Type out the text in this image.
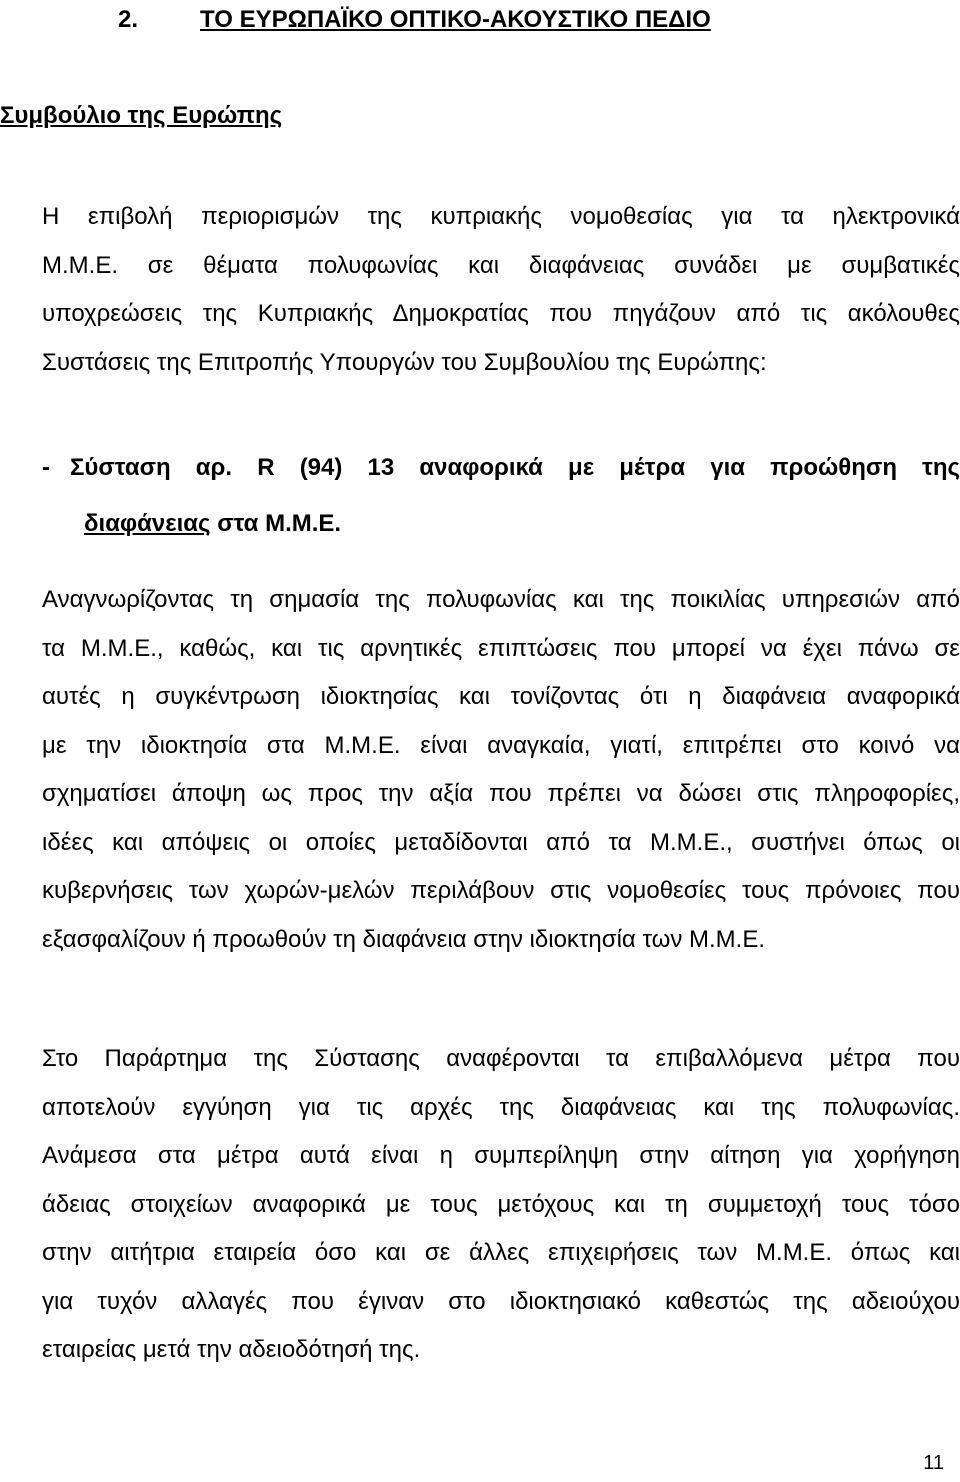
2.	ΤΟ ΕΥΡΩΠΑΪΚΟ ΟΠΤΙΚΟ-ΑΚΟΥΣΤΙΚΟ ΠΕΔΙΟ
Συμβούλιο της Ευρώπης
Η επιβολή περιορισμών της κυπριακής νομοθεσίας για τα ηλεκτρονικά
Μ.Μ.Ε. σε θέματα πολυφωνίας και διαφάνειας συνάδει με συμβατικές
υποχρεώσεις της Κυπριακής Δημοκρατίας που πηγάζουν από τις ακόλουθες
Συστάσεις της Επιτροπής Υπουργών του Συμβουλίου της Ευρώπης:
- Σύσταση αρ. R (94) 13 αναφορικά με μέτρα για προώθηση της
διαφάνειας στα Μ.Μ.Ε.
Αναγνωρίζοντας τη σημασία της πολυφωνίας και της ποικιλίας υπηρεσιών από
τα Μ.Μ.Ε., καθώς, και τις αρνητικές επιπτώσεις που μπορεί να έχει πάνω σε
αυτές η συγκέντρωση ιδιοκτησίας και τονίζοντας ότι η διαφάνεια αναφορικά
με την ιδιοκτησία στα Μ.Μ.Ε. είναι αναγκαία, γιατί, επιτρέπει στο κοινό να
σχηματίσει άποψη ως προς την αξία που πρέπει να δώσει στις πληροφορίες,
ιδέες και απόψεις οι οποίες μεταδίδονται από τα Μ.Μ.Ε., συστήνει όπως οι
κυβερνήσεις των χωρών-μελών περιλάβουν στις νομοθεσίες τους πρόνοιες που
εξασφαλίζουν ή προωθούν τη διαφάνεια στην ιδιοκτησία των Μ.Μ.Ε.
Στο Παράρτημα της Σύστασης αναφέρονται τα επιβαλλόμενα μέτρα που
αποτελούν εγγύηση για τις αρχές της διαφάνειας και της πολυφωνίας.
Ανάμεσα στα μέτρα αυτά είναι η συμπερίληψη στην αίτηση για χορήγηση
άδειας στοιχείων αναφορικά με τους μετόχους και τη συμμετοχή τους τόσο
στην αιτήτρια εταιρεία όσο και σε άλλες επιχειρήσεις των Μ.Μ.Ε. όπως και
για τυχόν αλλαγές που έγιναν στο ιδιοκτησιακό καθεστώς της αδειούχου
εταιρείας μετά την αδειοδότησή της.
11
